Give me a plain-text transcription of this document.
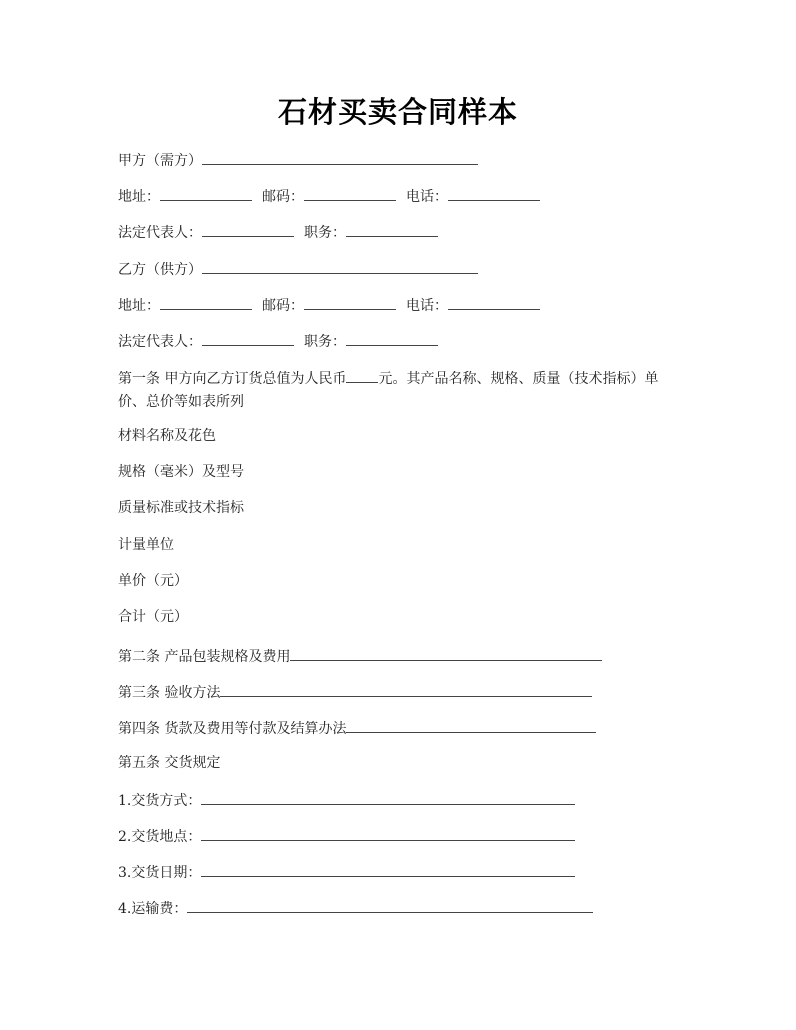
石材买卖合同样本
甲方（需方）
地址：	邮码：	电话：
法定代表人：	职务：
乙方（供方）
地址：	邮码：	电话：
法定代表人：	职务：
第一条 甲方向乙方订货总值为人民币 元。其产品名称、规格、质量（技术指标）单价、总价等如表所列
材料名称及花色
规格（毫米）及型号
质量标准或技术指标
计量单位
单价（元）
合计（元）
第二条 产品包装规格及费用
第三条 验收方法
第四条 货款及费用等付款及结算办法
第五条 交货规定
1.交货方式：
2.交货地点：
3.交货日期：
4.运输费：
